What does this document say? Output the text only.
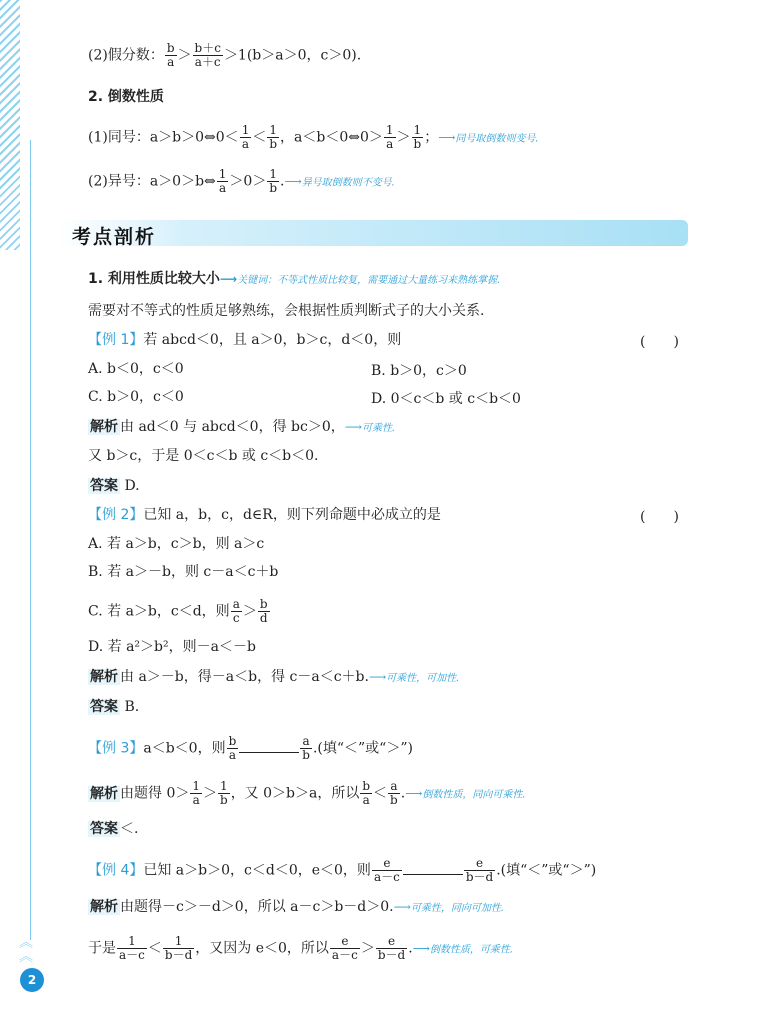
(2)假分数： $\frac{b}{a} > \frac{b+c}{a+c} >1(b>a>0$，c＞0).
2. 倒数性质
(1)同号：a＞b＞0⇔0＜ $\frac{1}{a} < \frac{1}{b}$ ，a＜b＜0⇔0＞ $\frac{1}{a} > \frac{1}{b}$ ；⟶同号取倒数则变号.
(2)异号：a＞0＞b⇔ $\frac{1}{a} >0> \frac{1}{b}$ .⟶异号取倒数则不变号.
考点剖析
1. 利用性质比较大小⟶关键词：不等式性质比较复，需要通过大量练习来熟练掌握.
需要对不等式的性质足够熟练，会根据性质判断式子的大小关系.
【例 1】若 abcd＜0，且 a＞0，b＞c，d＜0，则	(　　)
A. b＜0，c＜0	B. b＞0，c＞0
C. b＞0，c＜0	D. 0＜c＜b 或 c＜b＜0
解析 由 ad＜0 与 abcd＜0，得 bc＞0，⟶可乘性.
又 b＞c，于是 0＜c＜b 或 c＜b＜0.
答案 D.
【例 2】已知 a，b，c，d∈R，则下列命题中必成立的是	(　　)
A. 若 a＞b，c＞b，则 a＞c
B. 若 a＞－b，则 c－a＜c＋b
C. 若 a＞b，c＜d，则 $\frac{a}{c} > \frac{b}{d}$
D. 若 a²＞b²，则－a＜－b
解析 由 a＞－b，得－a＜b，得 c－a＜c＋b.⟶可乘性，可加性.
答案 B.
【例 3】a＜b＜0，则 $\frac{b}{a}$	$\frac{a}{b}$ .(填“＜”或“＞”)
解析 由题得 $0> \frac{1}{a} > \frac{1}{b}$ ，又 0＞b＞a，所以 $\frac{b}{a} < \frac{a}{b}$ .⟶倒数性质，同向可乘性.
答案 ＜.
【例 4】已知 a＞b＞0，c＜d＜0，e＜0，则 $\frac{e}{a-c}$	$\frac{e}{b-d}$ .(填“＜”或“＞”)
解析 由题得－c＞－d＞0，所以 a－c＞b－d＞0.⟶可乘性，同向可加性.
于是 $\frac{1}{a-c} < \frac{1}{b-d}$ ，又因为 e＜0，所以 $\frac{e}{a-c} > \frac{e}{b-d}$ .⟶倒数性质，可乘性.
︽
︽
2
